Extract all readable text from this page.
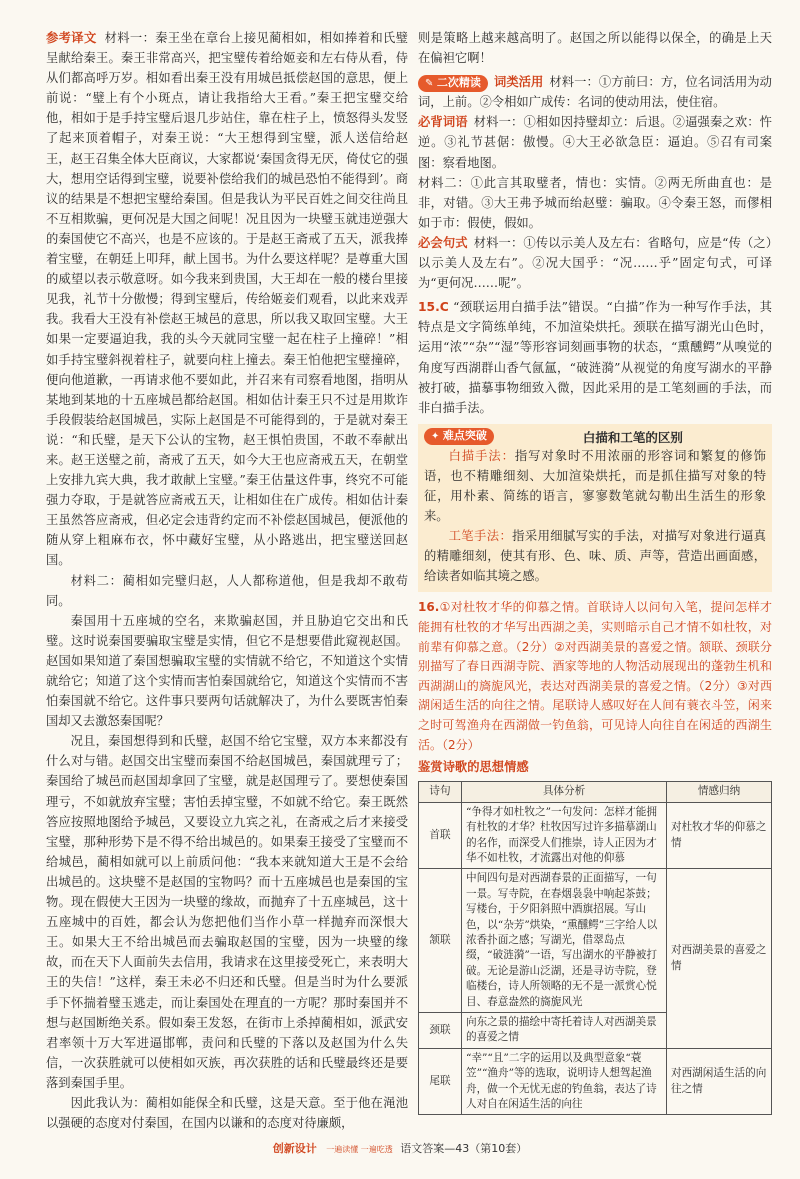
参考译文 材料一：秦王坐在章台上接见蔺相如，相如捧着和氏璧呈献给秦王。秦王非常高兴，把宝璧传着给姬妾和左右侍从看，侍从们都高呼万岁。相如看出秦王没有用城邑抵偿赵国的意思，便上前说：“璧上有个小斑点，请让我指给大王看。”秦王把宝璧交给他，相如于是手持宝璧后退几步站住，靠在柱子上，愤怒得头发竖了起来顶着帽子，对秦王说：“大王想得到宝璧，派人送信给赵王，赵王召集全体大臣商议，大家都说‘秦国贪得无厌，倚仗它的强大，想用空话得到宝璧，说要补偿给我们的城邑恐怕不能得到’。商议的结果是不想把宝璧给秦国。但是我认为平民百姓之间交往尚且不互相欺骗，更何况是大国之间呢！况且因为一块璧玉就违逆强大的秦国使它不高兴，也是不应该的。于是赵王斋戒了五天，派我捧着宝璧，在朝廷上叩拜，献上国书。为什么要这样呢？是尊重大国的威望以表示敬意呀。如今我来到贵国，大王却在一般的楼台里接见我，礼节十分傲慢；得到宝璧后，传给姬妾们观看，以此来戏弄我。我看大王没有补偿赵王城邑的意思，所以我又取回宝璧。大王如果一定要逼迫我，我的头今天就同宝璧一起在柱子上撞碎！”相如手持宝璧斜视着柱子，就要向柱上撞去。秦王怕他把宝璧撞碎，便向他道歉，一再请求他不要如此，并召来有司察看地图，指明从某地到某地的十五座城邑都给赵国。相如估计秦王只不过是用欺诈手段假装给赵国城邑，实际上赵国是不可能得到的，于是就对秦王说：“和氏璧，是天下公认的宝物，赵王惧怕贵国，不敢不奉献出来。赵王送璧之前，斋戒了五天，如今大王也应斋戒五天，在朝堂上安排九宾大典，我才敢献上宝璧。”秦王估量这件事，终究不可能强力夺取，于是就答应斋戒五天，让相如住在广成传。相如估计秦王虽然答应斋戒，但必定会违背约定而不补偿赵国城邑，便派他的随从穿上粗麻布衣，怀中藏好宝璧，从小路逃出，把宝璧送回赵国。

材料二：蔺相如完璧归赵，人人都称道他，但是我却不敢苟同。

秦国用十五座城的空名，来欺骗赵国，并且胁迫它交出和氏璧。这时说秦国要骗取宝璧是实情，但它不是想要借此窥视赵国。赵国如果知道了秦国想骗取宝璧的实情就不给它，不知道这个实情就给它；知道了这个实情而害怕秦国就给它，知道这个实情而不害怕秦国就不给它。这件事只要两句话就解决了，为什么要既害怕秦国却又去激怒秦国呢？

况且，秦国想得到和氏璧，赵国不给它宝璧，双方本来都没有什么对与错。赵国交出宝璧而秦国不给赵国城邑，秦国就理亏了；秦国给了城邑而赵国却拿回了宝璧，就是赵国理亏了。要想使秦国理亏，不如就放弃宝璧；害怕丢掉宝璧，不如就不给它。秦王既然答应按照地图给予城邑，又要设立九宾之礼，在斋戒之后才来接受宝璧，那种形势下是不得不给出城邑的。如果秦王接受了宝璧而不给城邑，蔺相如就可以上前质问他：“我本来就知道大王是不会给出城邑的。这块璧不是赵国的宝物吗？而十五座城邑也是秦国的宝物。现在假使大王因为一块璧的缘故，而抛弃了十五座城邑，这十五座城中的百姓，都会认为您把他们当作小草一样抛弃而深恨大王。如果大王不给出城邑而去骗取赵国的宝璧，因为一块璧的缘故，而在天下人面前失去信用，我请求在这里接受死亡，来表明大王的失信！”这样，秦王未必不归还和氏璧。但是当时为什么要派手下怀揣着璧玉逃走，而让秦国处在理直的一方呢？那时秦国并不想与赵国断绝关系。假如秦王发怒，在街市上杀掉蔺相如，派武安君率领十万大军进逼邯郸，责问和氏璧的下落以及赵国为什么失信，一次获胜就可以使相如灭族，再次获胜的话和氏璧最终还是要落到秦国手里。

因此我认为：蔺相如能保全和氏璧，这是天意。至于他在渑池以强硬的态度对付秦国，在国内以谦和的态度对待廉颇，

则是策略上越来越高明了。赵国之所以能得以保全，的确是上天在偏袒它啊！

✎ 二次精读 词类活用 材料一：①方前曰：方，位名词活用为动词，上前。②令相如广成传：名词的使动用法，使住宿。

必背词语 材料一：①相如因持璧却立：后退。②逼强秦之欢：忤逆。③礼节甚倨：傲慢。④大王必欲急臣：逼迫。⑤召有司案图：察看地图。

材料二：①此言其取璧者，情也：实情。②两无所曲直也：是非，对错。③大王弗予城而绐赵璧：骗取。④令秦王怒，而僇相如于市：假使，假如。

必会句式 材料一：①传以示美人及左右：省略句，应是“传（之）以示美人及左右”。②况大国乎：“况……乎”固定句式，可译为“更何况……呢”。

15.C “颈联运用白描手法”错误。“白描”作为一种写作手法，其特点是文字简练单纯，不加渲染烘托。颈联在描写湖光山色时，运用“浓”“杂”“湿”等形容词刻画事物的状态，“熏醺鳄”从嗅觉的角度写西湖群山香气氤氲，“破涟漪”从视觉的角度写湖水的平静被打破，描摹事物细致入微，因此采用的是工笔刻画的手法，而非白描手法。

✦ 难点突破	白描和工笔的区别

白描手法：指写对象时不用浓丽的形容词和繁复的修饰语，也不精雕细刻、大加渲染烘托，而是抓住描写对象的特征，用朴素、简练的语言，寥寥数笔就勾勒出生活生的形象来。

工笔手法：指采用细腻写实的手法，对描写对象进行逼真的精雕细刻，使其有形、色、味、质、声等，营造出画面感，给读者如临其境之感。

16.①对杜牧才华的仰慕之情。首联诗人以问句入笔，提问怎样才能拥有杜牧的才华写出西湖之美，实则暗示自己才情不如杜牧，对前辈有仰慕之意。（2分）②对西湖美景的喜爱之情。颔联、颈联分别描写了春日西湖寺院、酒家等地的人物活动展现出的蓬勃生机和西湖湖山的旖旎风光，表达对西湖美景的喜爱之情。（2分）③对西湖闲适生活的向往之情。尾联诗人感叹好在人间有蓑衣斗笠，闲来之时可驾渔舟在西湖做一钓鱼翁，可见诗人向往自在闲适的西湖生活。（2分）

鉴赏诗歌的思想情感

诗句	具体分析	情感归纳
首联	“争得才如杜牧之”一句发问：怎样才能拥有杜牧的才华？杜牧因写过许多描摹湖山的名作，而深受人们推崇，诗人正因为才华不如杜牧，才流露出对他的仰慕	对杜牧才华的仰慕之情
颔联	中间四句是对西湖春景的正面描写，一句一景。写寺院，在春烟袅袅中响起茶鼓；写楼台，于夕阳斜照中酒旗招展。写山色，以“杂芳”烘染，“熏醺鳄”三字给人以浓香扑面之感；写湖光，借翠岛点缀，“破涟漪”一语，写出湖水的平静被打破。无论是游山泛湖，还是寻访寺院，登临楼台，诗人所领略的无不是一派赏心悦目、春意盎然的旖旎风光	对西湖美景的喜爱之情
颈联	向东之景的描绘中寄托着诗人对西湖美景的喜爱之情	
尾联	“幸”“且”二字的运用以及典型意象“蓑笠”“渔舟”等的选取，说明诗人想驾起渔舟，做一个无忧无虑的钓鱼翁，表达了诗人对自在闲适生活的向往	对西湖闲适生活的向往之情
创新设计 一遍读懂 一遍吃透 语文答案—43（第10套）
